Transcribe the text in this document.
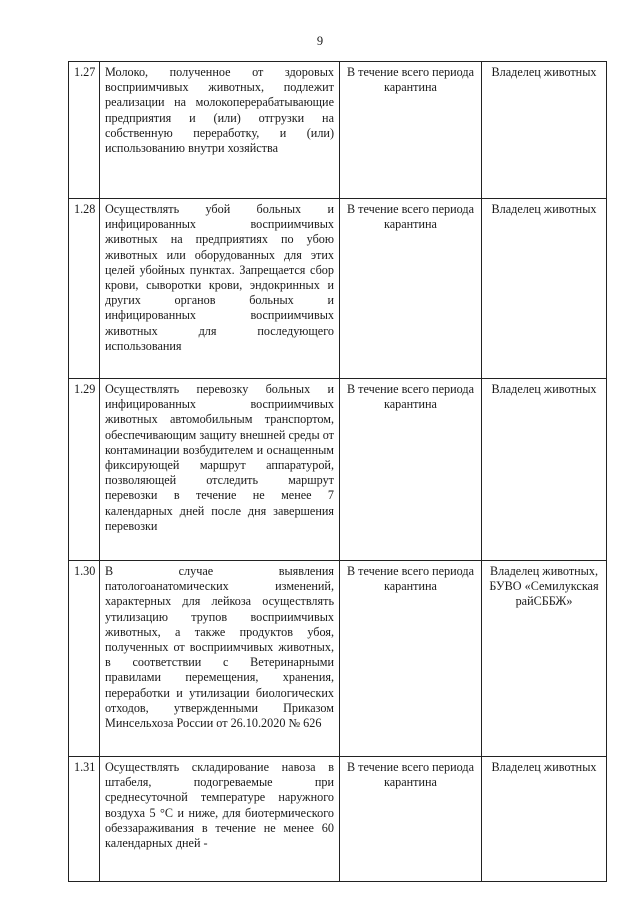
9
1.27	Молоко, полученное от здоровых восприимчивых животных, подлежит реализации на молокоперерабатывающие предприятия и (или) отгрузки на собственную переработку, и (или) использованию внутри хозяйства	В течение всего периода карантина	Владелец животных
1.28	Осуществлять убой больных и инфицированных восприимчивых животных на предприятиях по убою животных или оборудованных для этих целей убойных пунктах. Запрещается сбор крови, сыворотки крови, эндокринных и других органов больных и инфицированных восприимчивых животных для последующего использования	В течение всего периода карантина	Владелец животных
1.29	Осуществлять перевозку больных и инфицированных восприимчивых животных автомобильным транспортом, обеспечивающим защиту внешней среды от контаминации возбудителем и оснащенным фиксирующей маршрут аппаратурой, позволяющей отследить маршрут перевозки в течение не менее 7 календарных дней после дня завершения перевозки	В течение всего периода карантина	Владелец животных
1.30	В случае выявления патологоанатомических изменений, характерных для лейкоза осуществлять утилизацию трупов восприимчивых животных, а также продуктов убоя, полученных от восприимчивых животных, в соответствии с Ветеринарными правилами перемещения, хранения, переработки и утилизации биологических отходов, утвержденными Приказом Минсельхоза России от 26.10.2020 № 626	В течение всего периода карантина	Владелец животных, БУВО «Семилукская райСББЖ»
1.31	Осуществлять складирование навоза в штабеля, подогреваемые при среднесуточной температуре наружного воздуха 5 °С и ниже, для биотермического обеззараживания в течение не менее 60 календарных дней -	В течение всего периода карантина	Владелец животных
